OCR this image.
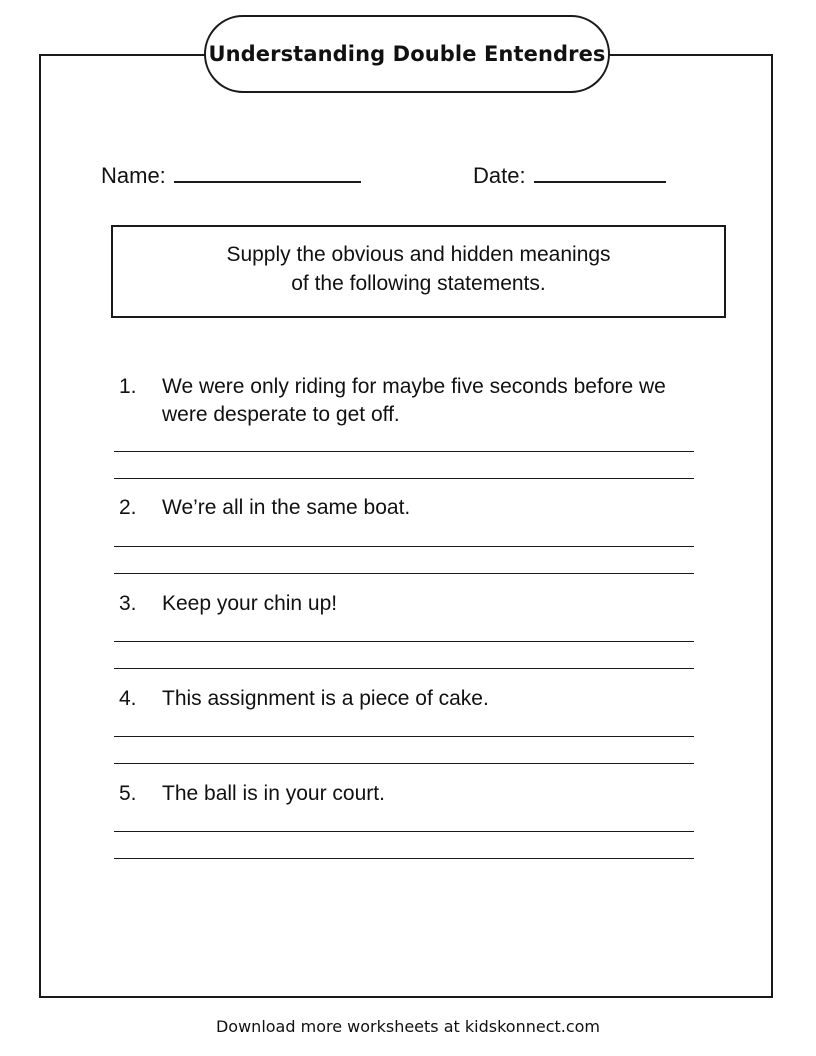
Understanding Double Entendres
Name:	Date:
Supply the obvious and hidden meanings
of the following statements.
1. We were only riding for maybe five seconds before we
were desperate to get off.
2. We’re all in the same boat.
3. Keep your chin up!
4. This assignment is a piece of cake.
5. The ball is in your court.
Download more worksheets at kidskonnect.com
